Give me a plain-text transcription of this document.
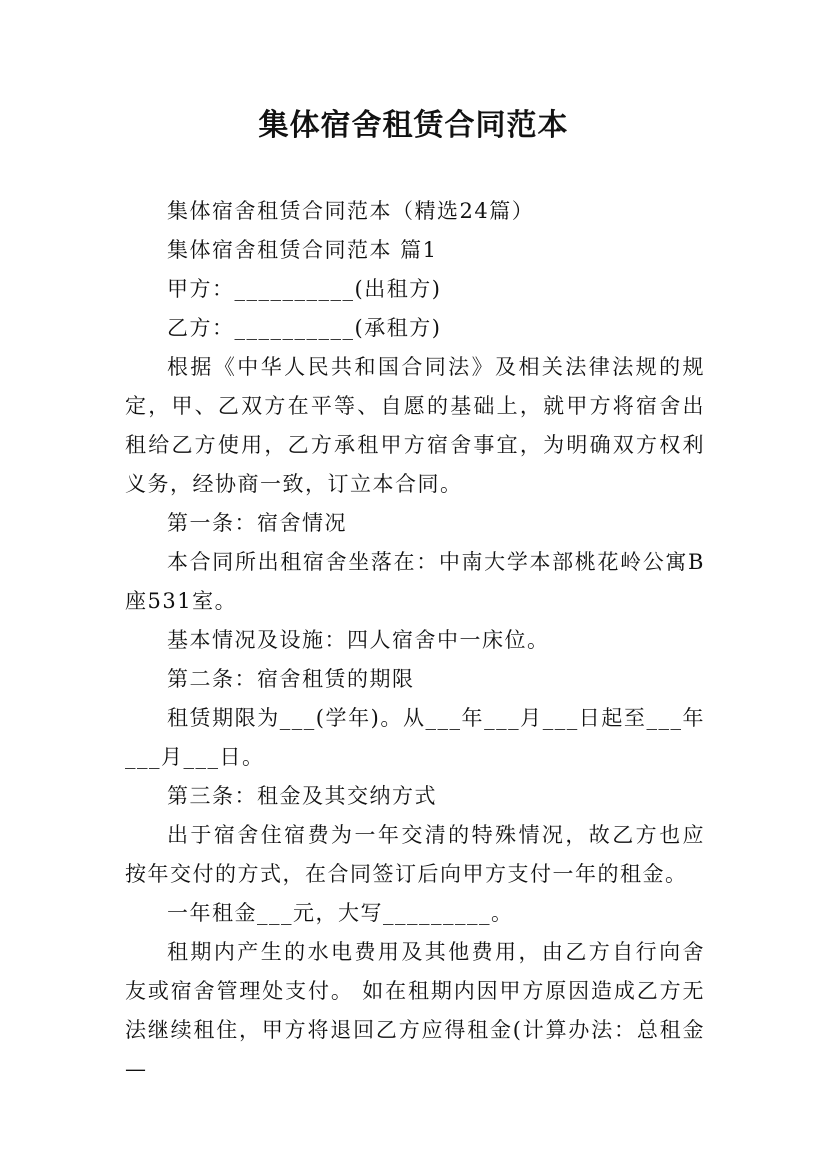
集体宿舍租赁合同范本

集体宿舍租赁合同范本（精选24篇）

集体宿舍租赁合同范本 篇1

甲方：__________(出租方)

乙方：__________(承租方)

根据《中华人民共和国合同法》及相关法律法规的规定，甲、乙双方在平等、自愿的基础上，就甲方将宿舍出租给乙方使用，乙方承租甲方宿舍事宜，为明确双方权利义务，经协商一致，订立本合同。

第一条：宿舍情况

本合同所出租宿舍坐落在：中南大学本部桃花岭公寓B座531室。

基本情况及设施：四人宿舍中一床位。

第二条：宿舍租赁的期限

租赁期限为___(学年)。从___年___月___日起至___年___月___日。

第三条：租金及其交纳方式

出于宿舍住宿费为一年交清的特殊情况，故乙方也应按年交付的方式，在合同签订后向甲方支付一年的租金。

一年租金___元，大写_________。

租期内产生的水电费用及其他费用，由乙方自行向舍友或宿舍管理处支付。 如在租期内因甲方原因造成乙方无法继续租住，甲方将退回乙方应得租金(计算办法：总租金—
